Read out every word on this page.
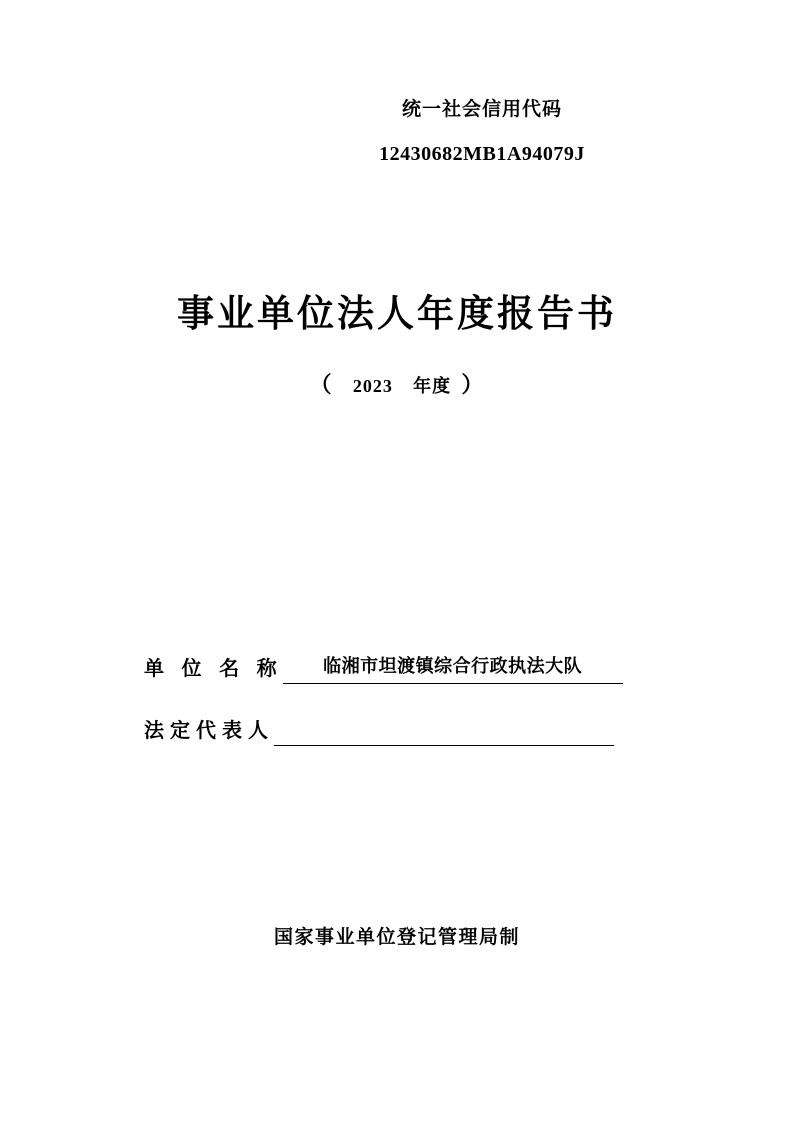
统一社会信用代码
12430682MB1A94079J
事业单位法人年度报告书
（ 2023 年度 ）
单 位 名 称	临湘市坦渡镇综合行政执法大队
法定代表人
国家事业单位登记管理局制
